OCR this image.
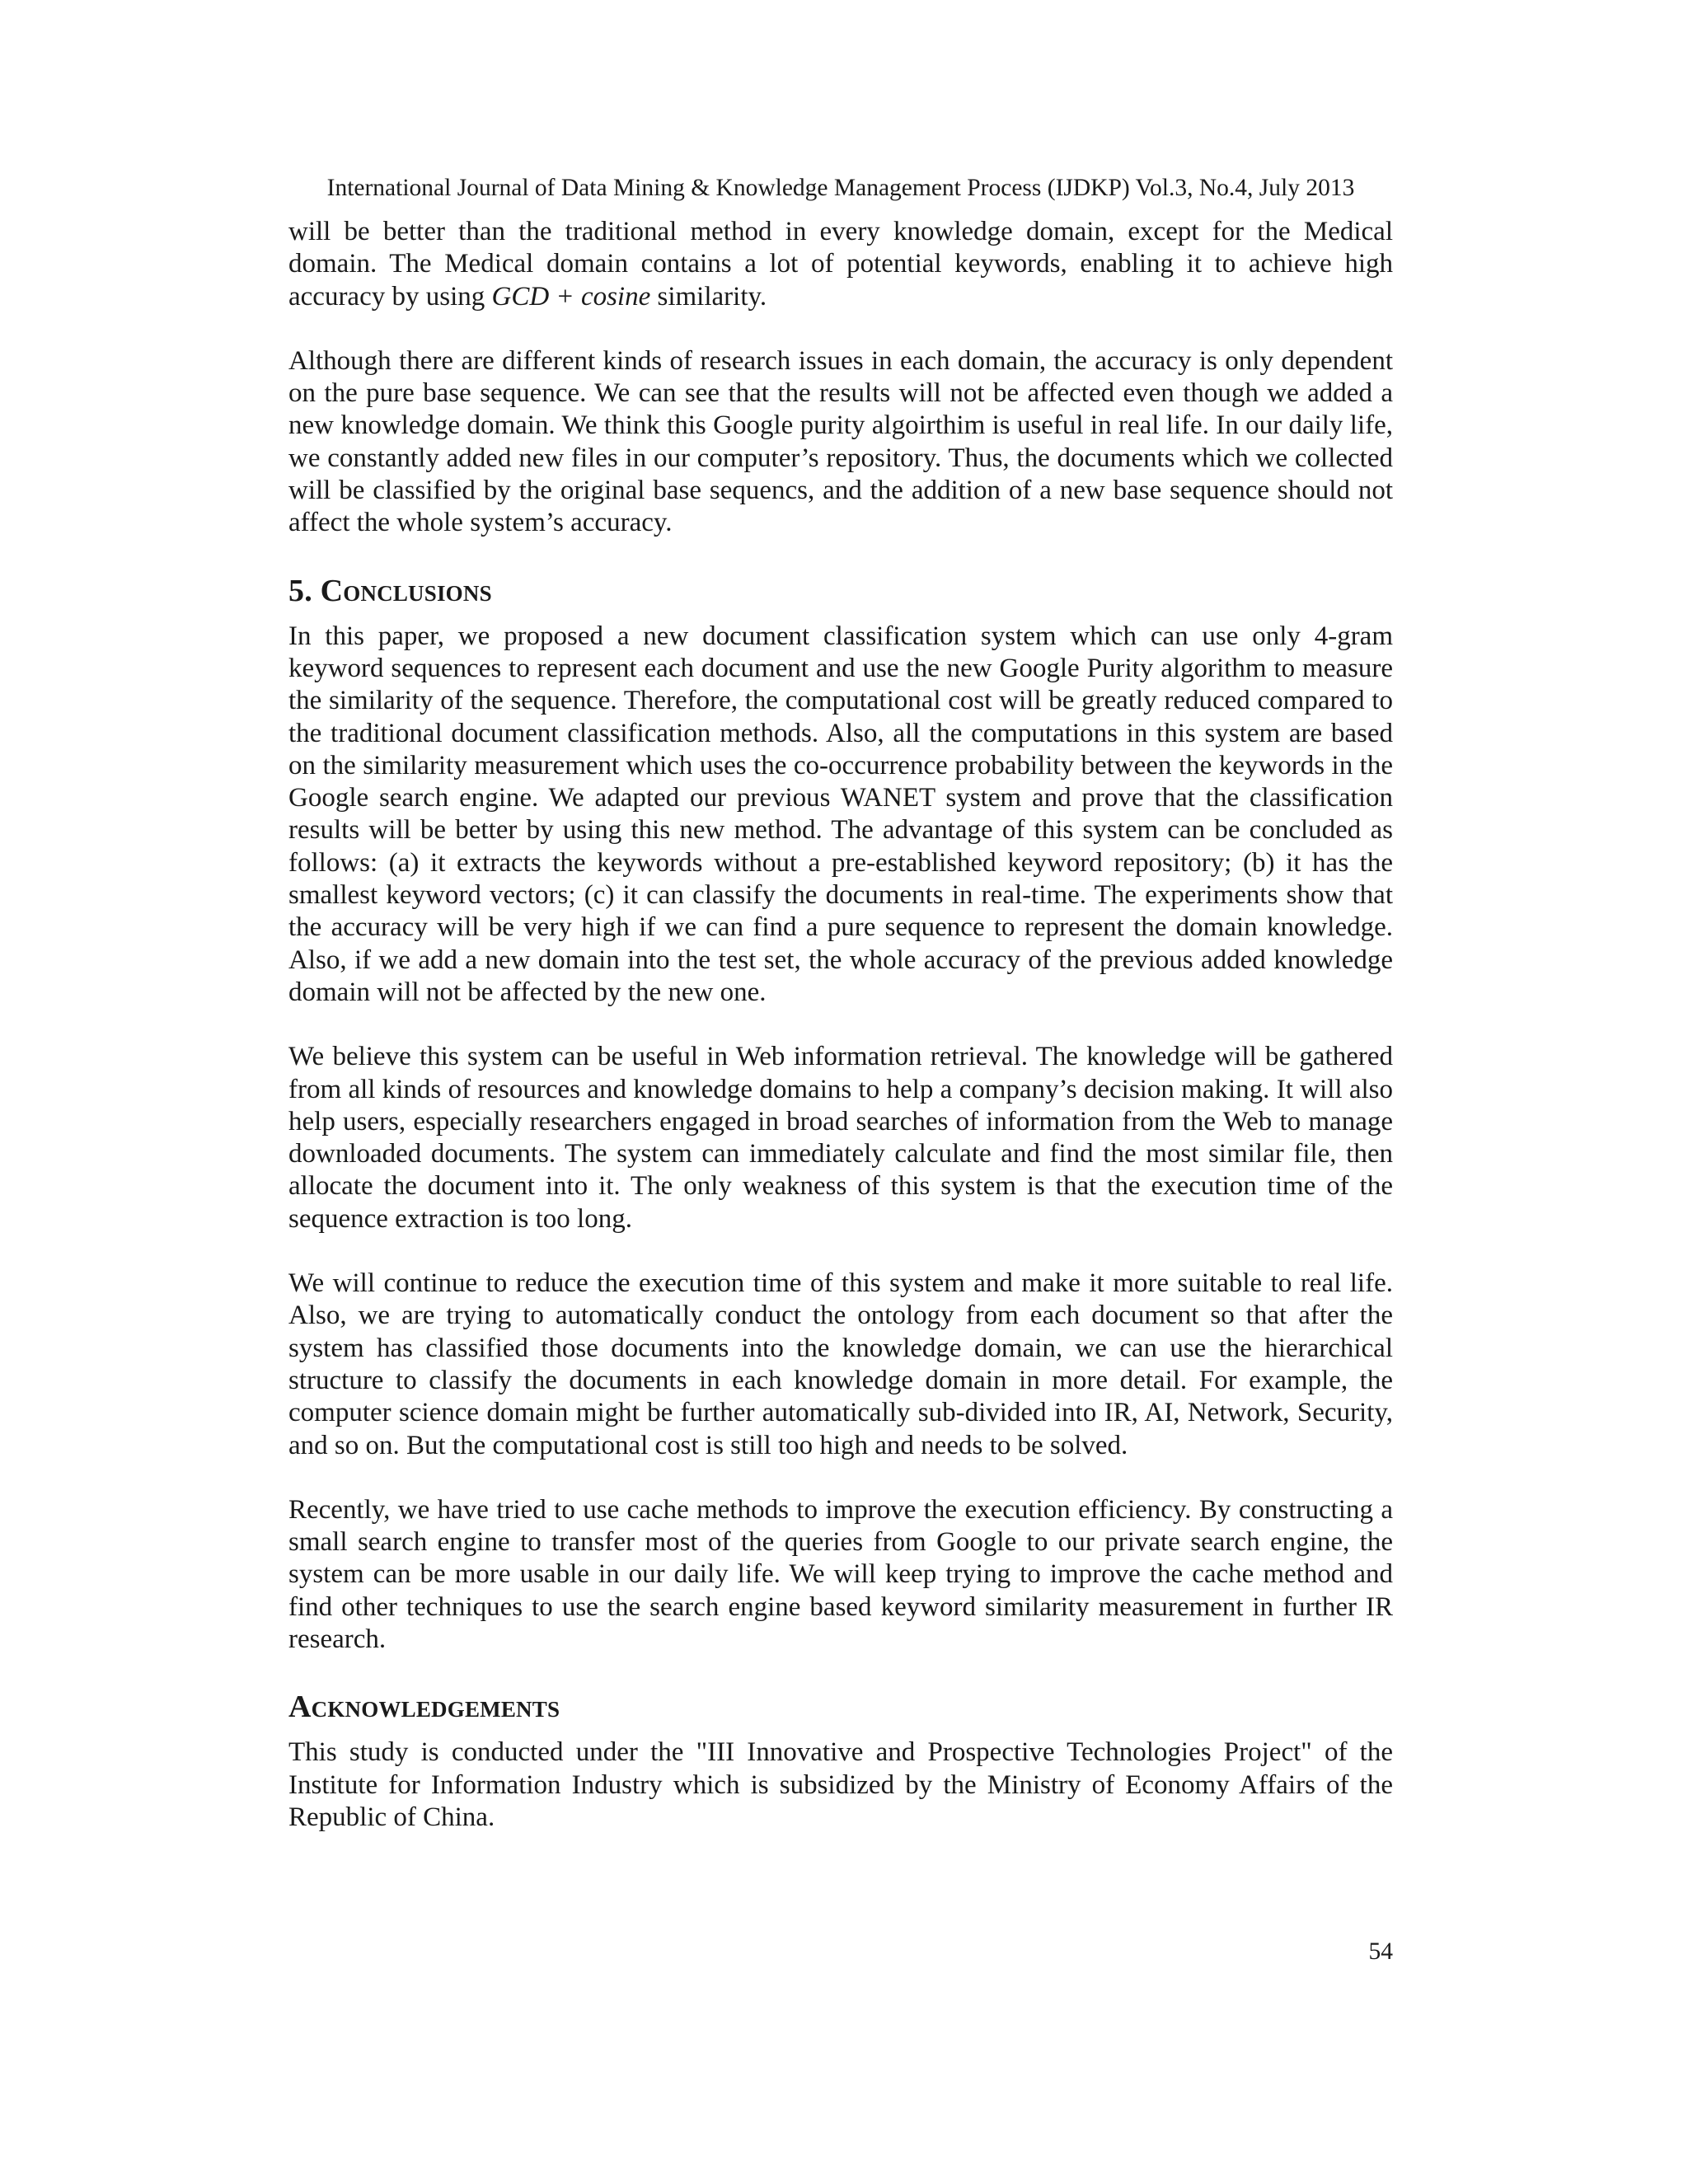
International Journal of Data Mining & Knowledge Management Process (IJDKP) Vol.3, No.4, July 2013

will be better than the traditional method in every knowledge domain, except for the Medical domain. The Medical domain contains a lot of potential keywords, enabling it to achieve high accuracy by using GCD + cosine similarity.

Although there are different kinds of research issues in each domain, the accuracy is only dependent on the pure base sequence. We can see that the results will not be affected even though we added a new knowledge domain. We think this Google purity algoirthim is useful in real life. In our daily life, we constantly added new files in our computer’s repository. Thus, the documents which we collected will be classified by the original base sequencs, and the addition of a new base sequence should not affect the whole system’s accuracy.

5. Conclusions

In this paper, we proposed a new document classification system which can use only 4-gram keyword sequences to represent each document and use the new Google Purity algorithm to measure the similarity of the sequence. Therefore, the computational cost will be greatly reduced compared to the traditional document classification methods. Also, all the computations in this system are based on the similarity measurement which uses the co-occurrence probability between the keywords in the Google search engine. We adapted our previous WANET system and prove that the classification results will be better by using this new method. The advantage of this system can be concluded as follows: (a) it extracts the keywords without a pre-established keyword repository; (b) it has the smallest keyword vectors; (c) it can classify the documents in real-time. The experiments show that the accuracy will be very high if we can find a pure sequence to represent the domain knowledge. Also, if we add a new domain into the test set, the whole accuracy of the previous added knowledge domain will not be affected by the new one.

We believe this system can be useful in Web information retrieval. The knowledge will be gathered from all kinds of resources and knowledge domains to help a company’s decision making. It will also help users, especially researchers engaged in broad searches of information from the Web to manage downloaded documents. The system can immediately calculate and find the most similar file, then allocate the document into it. The only weakness of this system is that the execution time of the sequence extraction is too long.

We will continue to reduce the execution time of this system and make it more suitable to real life. Also, we are trying to automatically conduct the ontology from each document so that after the system has classified those documents into the knowledge domain, we can use the hierarchical structure to classify the documents in each knowledge domain in more detail. For example, the computer science domain might be further automatically sub-divided into IR, AI, Network, Security, and so on. But the computational cost is still too high and needs to be solved.

Recently, we have tried to use cache methods to improve the execution efficiency. By constructing a small search engine to transfer most of the queries from Google to our private search engine, the system can be more usable in our daily life. We will keep trying to improve the cache method and find other techniques to use the search engine based keyword similarity measurement in further IR research.

Acknowledgements

This study is conducted under the "III Innovative and Prospective Technologies Project" of the Institute for Information Industry which is subsidized by the Ministry of Economy Affairs of the Republic of China.

54
